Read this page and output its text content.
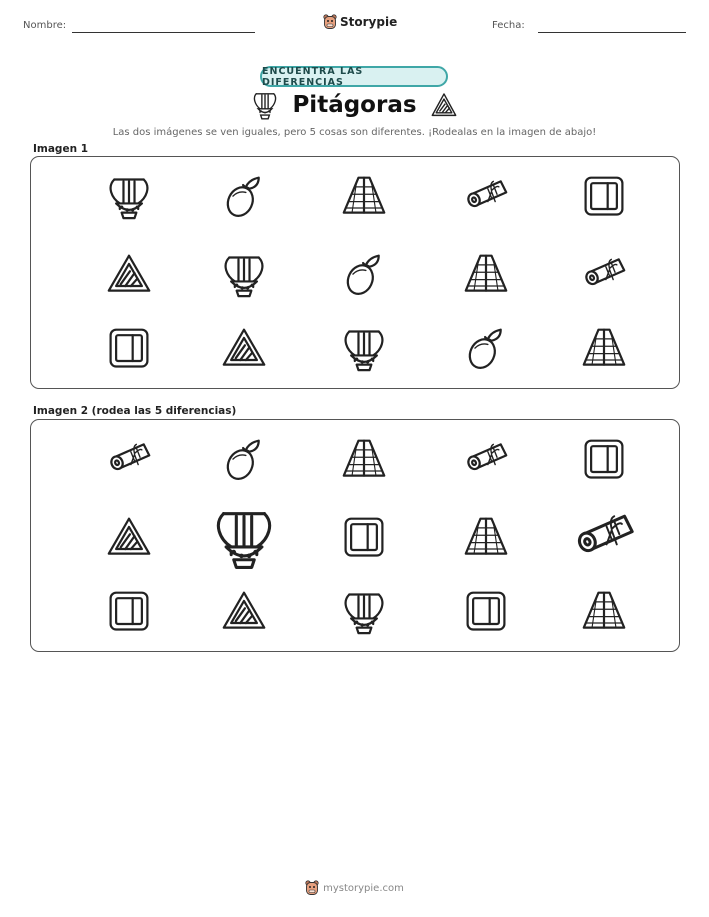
Nombre:	Storypie	Fecha:
ENCUENTRA LAS DIFERENCIAS
Pitágoras
Las dos imágenes se ven iguales, pero 5 cosas son diferentes. ¡Rodealas en la imagen de abajo!
Imagen 1
Imagen 2 (rodea las 5 diferencias)
mystorypie.com
